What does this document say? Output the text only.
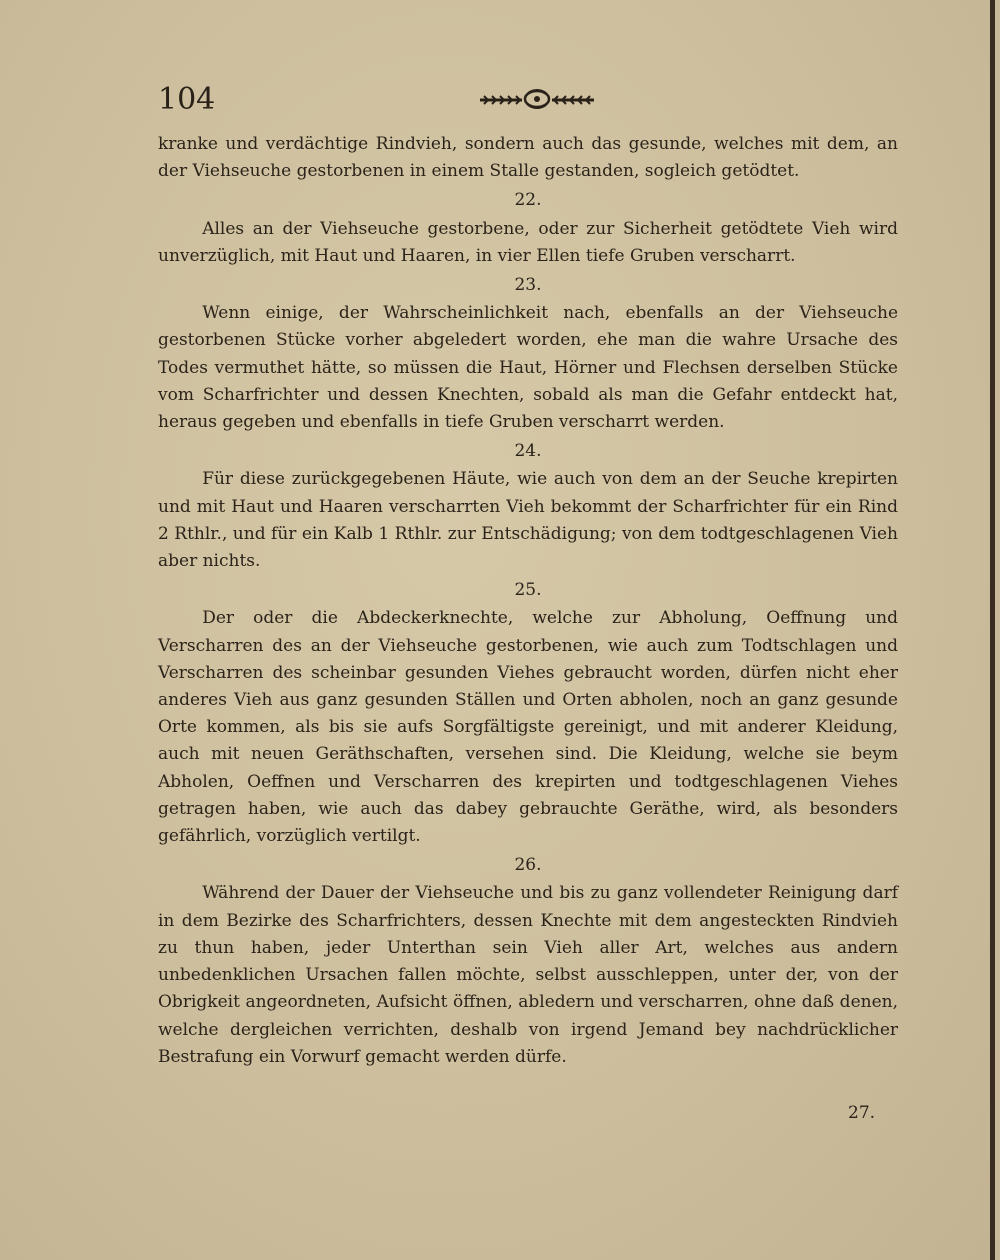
104

kranke und verdächtige Rindvieh, sondern auch das gesunde, welches mit dem, an der Viehseuche gestorbenen in einem Stalle gestanden, sogleich getödtet.

22.

Alles an der Viehseuche gestorbene, oder zur Sicherheit getödtete Vieh wird unverzüglich, mit Haut und Haaren, in vier Ellen tiefe Gruben verscharrt.

23.

Wenn einige, der Wahrscheinlichkeit nach, ebenfalls an der Viehseuche gestorbenen Stücke vorher abgeledert worden, ehe man die wahre Ursache des Todes vermuthet hätte, so müssen die Haut, Hörner und Flechsen derselben Stücke vom Scharfrichter und dessen Knechten, sobald als man die Gefahr entdeckt hat, heraus gegeben und ebenfalls in tiefe Gruben verscharrt werden.

24.

Für diese zurückgegebenen Häute, wie auch von dem an der Seuche krepirten und mit Haut und Haaren verscharrten Vieh bekommt der Scharfrichter für ein Rind 2 Rthlr., und für ein Kalb 1 Rthlr. zur Entschädigung; von dem todtgeschlagenen Vieh aber nichts.

25.

Der oder die Abdeckerknechte, welche zur Abholung, Oeffnung und Verscharren des an der Viehseuche gestorbenen, wie auch zum Todtschlagen und Verscharren des scheinbar gesunden Viehes gebraucht worden, dürfen nicht eher anderes Vieh aus ganz gesunden Ställen und Orten abholen, noch an ganz gesunde Orte kommen, als bis sie aufs Sorgfältigste gereinigt, und mit anderer Kleidung, auch mit neuen Geräthschaften, versehen sind. Die Kleidung, welche sie beym Abholen, Oeffnen und Verscharren des krepirten und todtgeschlagenen Viehes getragen haben, wie auch das dabey gebrauchte Geräthe, wird, als besonders gefährlich, vorzüglich vertilgt.

26.

Während der Dauer der Viehseuche und bis zu ganz vollendeter Reinigung darf in dem Bezirke des Scharfrichters, dessen Knechte mit dem angesteckten Rindvieh zu thun haben, jeder Unterthan sein Vieh aller Art, welches aus andern unbedenklichen Ursachen fallen möchte, selbst ausschleppen, unter der, von der Obrigkeit angeordneten, Aufsicht öffnen, abledern und verscharren, ohne daß denen, welche dergleichen verrichten, deshalb von irgend Jemand bey nachdrücklicher Bestrafung ein Vorwurf gemacht werden dürfe.

27.
